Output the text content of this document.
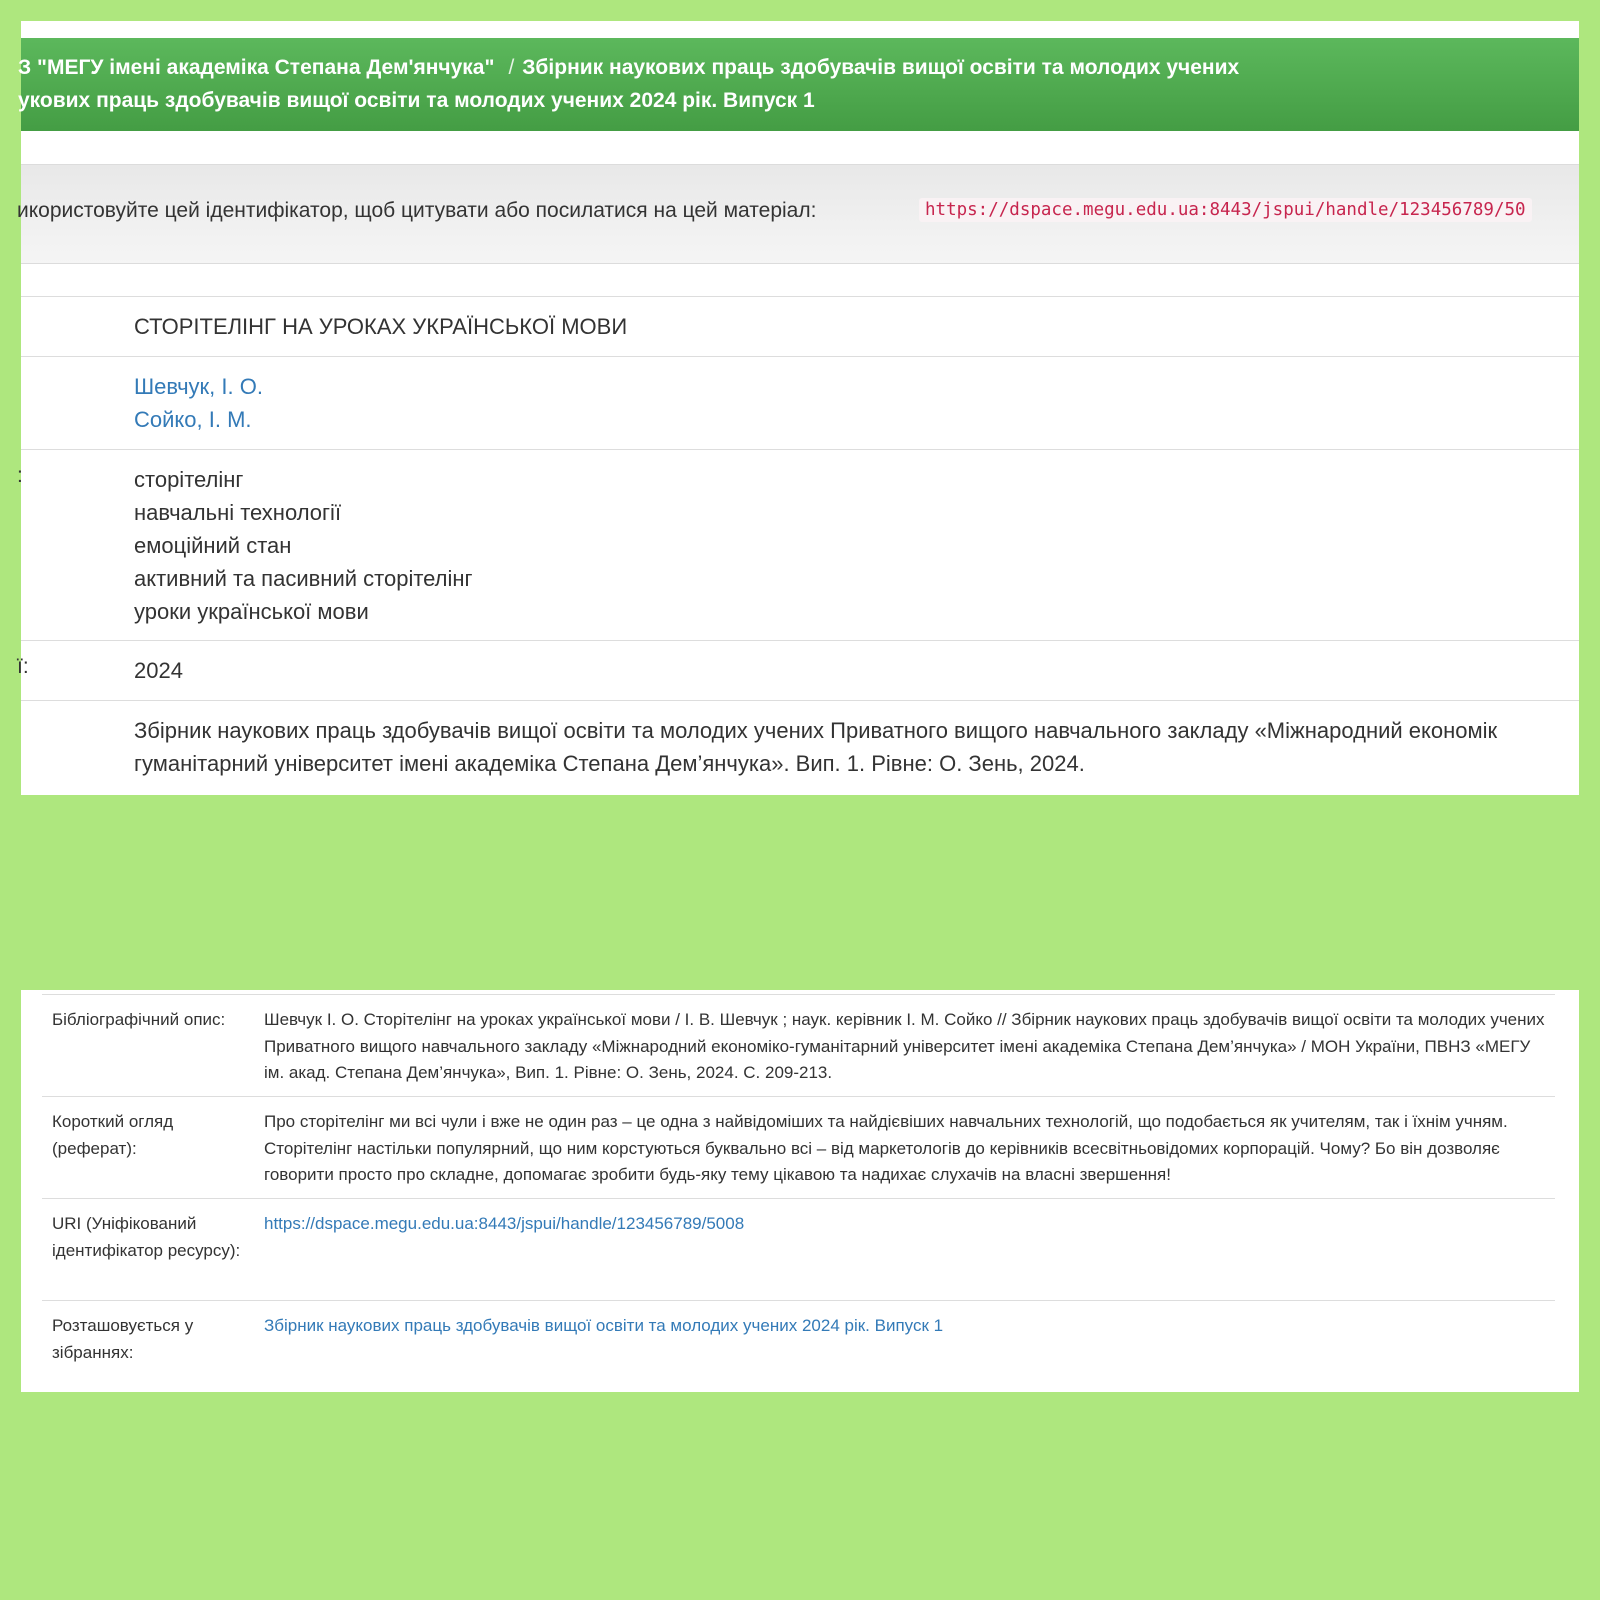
З "МЕГУ імені академіка Степана Дем'янчука" / Збірник наукових праць здобувачів вищої освіти та молодих учених
укових праць здобувачів вищої освіти та молодих учених 2024 рік. Випуск 1
икористовуйте цей ідентифікатор, щоб цитувати або посилатися на цей матеріал:	https://dspace.megu.edu.ua:8443/jspui/handle/123456789/50
СТОРІТЕЛІНГ НА УРОКАХ УКРАЇНСЬКОЇ МОВИ
Шевчук, І. О.
Сойко, І. М.
:	сторітелінг
навчальні технології
емоційний стан
активний та пасивний сторітелінг
уроки української мови
ї:	2024
Збірник наукових праць здобувачів вищої освіти та молодих учених Приватного вищого навчального закладу «Міжнародний економік
гуманітарний університет імені академіка Степана Дем’янчука». Вип. 1. Рівне: О. Зень, 2024.
Бібліографічний опис:	Шевчук І. О. Сторітелінг на уроках української мови / І. В. Шевчук ; наук. керівник І. М. Сойко // Збірник наукових праць здобувачів вищої освіти та молодих учених Приватного вищого навчального закладу «Міжнародний економіко-гуманітарний університет імені академіка Степана Дем’янчука» / МОН України, ПВНЗ «МЕГУ ім. акад. Степана Дем’янчука», Вип. 1. Рівне: О. Зень, 2024. С. 209-213.
Короткий огляд (реферат):
Про сторітелінг ми всі чули і вже не один раз – це одна з найвідоміших та найдієвіших навчальних технологій, що подобається як учителям, так і їхнім учням. Сторітелінг настільки популярний, що ним корстуються буквально всі – від маркетологів до керівників всесвітньовідомих корпорацій. Чому? Бо він дозволяє говорити просто про складне, допомагає зробити будь-яку тему цікавою та надихає слухачів на власні звершення!
URI (Уніфікований ідентифікатор ресурсу):
https://dspace.megu.edu.ua:8443/jspui/handle/123456789/5008
Розташовується у зібраннях:
Збірник наукових праць здобувачів вищої освіти та молодих учених 2024 рік. Випуск 1
